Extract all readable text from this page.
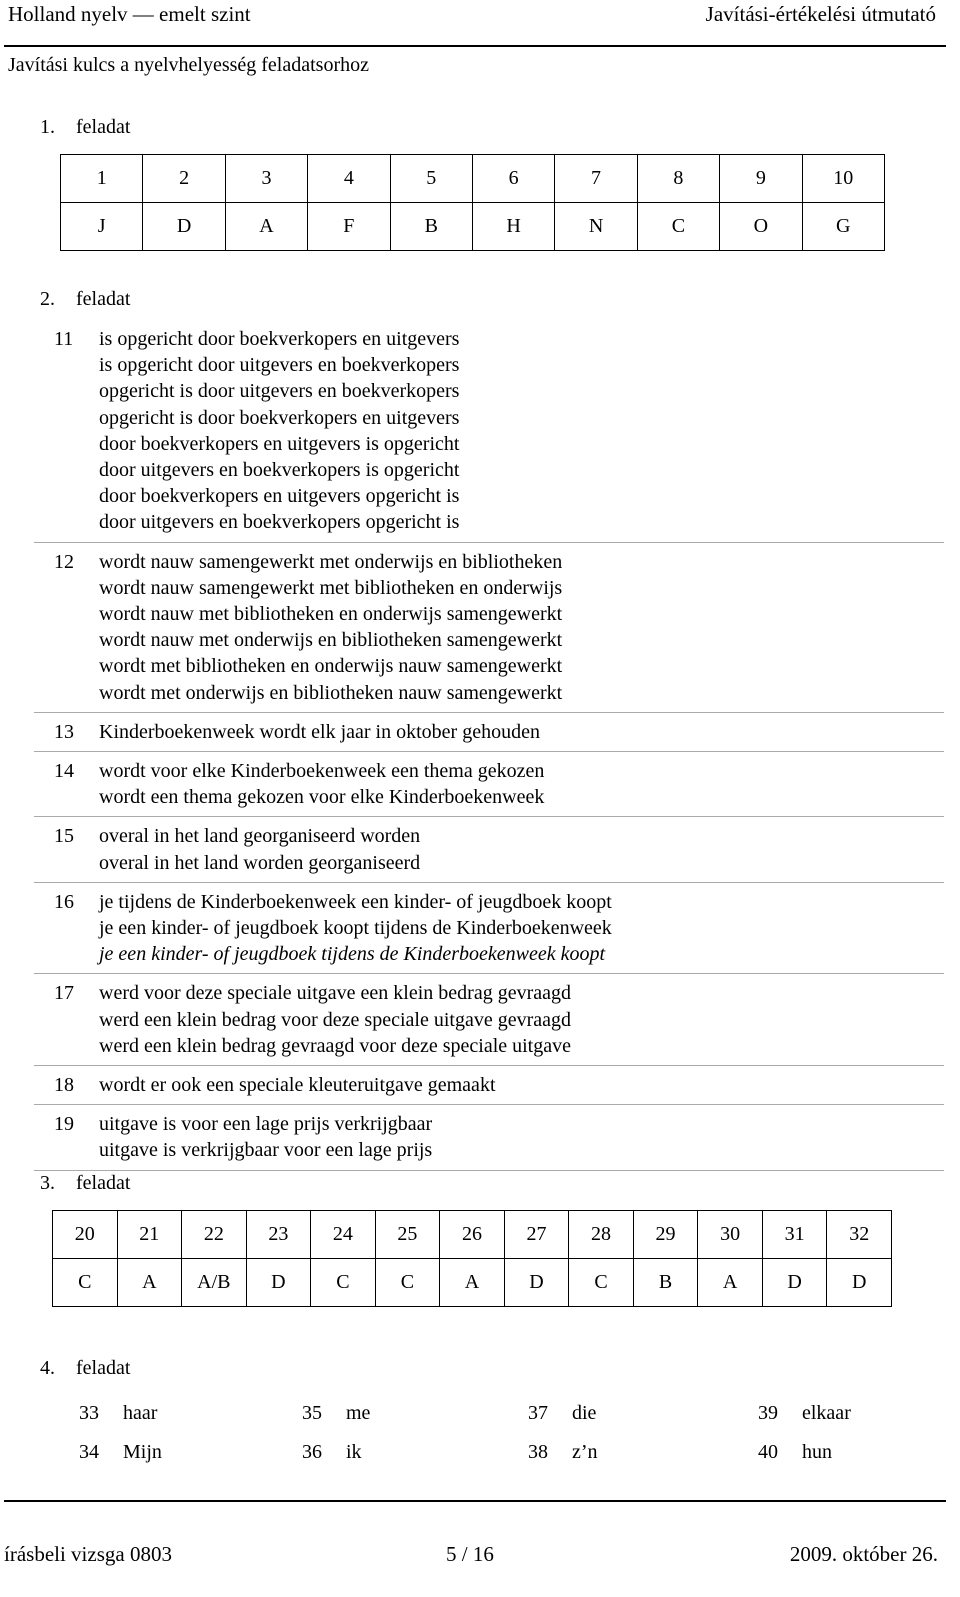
Holland nyelv — emelt szint	Javítási-értékelési útmutató
Javítási kulcs a nyelvhelyesség feladatsorhoz
1. feladat
1	2	3	4	5	6	7	8	9	10
J	D	A	F	B	H	N	C	O	G
2. feladat
11	is opgericht door boekverkopers en uitgevers
is opgericht door uitgevers en boekverkopers
opgericht is door uitgevers en boekverkopers
opgericht is door boekverkopers en uitgevers
door boekverkopers en uitgevers is opgericht
door uitgevers en boekverkopers is opgericht
door boekverkopers en uitgevers opgericht is
door uitgevers en boekverkopers opgericht is
12	wordt nauw samengewerkt met onderwijs en bibliotheken
wordt nauw samengewerkt met bibliotheken en onderwijs
wordt nauw met bibliotheken en onderwijs samengewerkt
wordt nauw met onderwijs en bibliotheken samengewerkt
wordt met bibliotheken en onderwijs nauw samengewerkt
wordt met onderwijs en bibliotheken nauw samengewerkt
13	Kinderboekenweek wordt elk jaar in oktober gehouden
14	wordt voor elke Kinderboekenweek een thema gekozen
wordt een thema gekozen voor elke Kinderboekenweek
15	overal in het land georganiseerd worden
overal in het land worden georganiseerd
16	je tijdens de Kinderboekenweek een kinder- of jeugdboek koopt
je een kinder- of jeugdboek koopt tijdens de Kinderboekenweek
je een kinder- of jeugdboek tijdens de Kinderboekenweek koopt
17	werd voor deze speciale uitgave een klein bedrag gevraagd
werd een klein bedrag voor deze speciale uitgave gevraagd
werd een klein bedrag gevraagd voor deze speciale uitgave
18	wordt er ook een speciale kleuteruitgave gemaakt
19	uitgave is voor een lage prijs verkrijgbaar
uitgave is verkrijgbaar voor een lage prijs
3. feladat
20	21	22	23	24	25	26	27	28	29	30	31	32
C	A	A/B	D	C	C	A	D	C	B	A	D	D
4. feladat
33 haar	35 me	37 die	39 elkaar
34 Mijn	36 ik	38 z’n	40 hun
írásbeli vizsga 0803	5 / 16	2009. október 26.
